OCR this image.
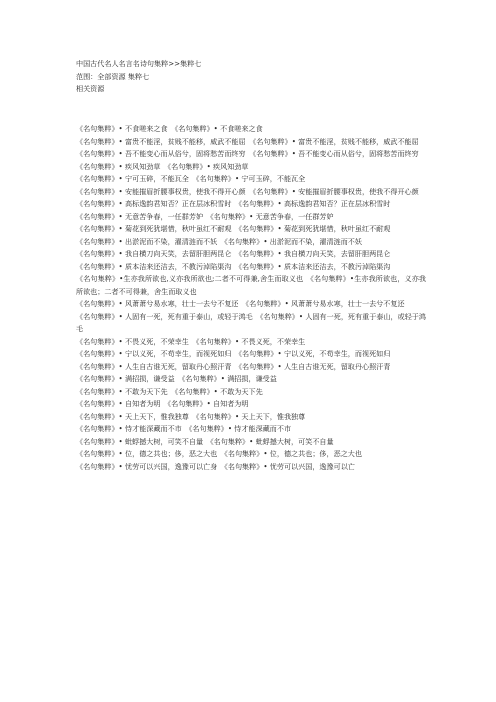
中国古代名人名言名诗句集粹>>集粹七
范围：全部资源 集粹七
相关资源

《名句集粹》• 不食嗟来之食　《名句集粹》• 不食嗟来之食

《名句集粹》• 富贵不能淫，贫贱不能移，威武不能屈　《名句集粹》• 富贵不能淫，贫贱不能移，威武不能屈

《名句集粹》• 吾不能变心而从俗兮，固将愁苦而终穷　《名句集粹》• 吾不能变心而从俗兮，固将愁苦而终穷

《名句集粹》• 疾风知劲草　《名句集粹》• 疾风知劲草

《名句集粹》• 宁可玉碎，不能瓦全　《名句集粹》• 宁可玉碎，不能瓦全

《名句集粹》• 安能摧眉折腰事权贵，使我不得开心颜　《名句集粹》• 安能摧眉折腰事权贵，使我不得开心颜

《名句集粹》• 高标逸韵君知否？正在层冰积雪时　《名句集粹》• 高标逸韵君知否？正在层冰积雪时

《名句集粹》• 无意苦争春，一任群芳妒　《名句集粹》• 无意苦争春，一任群芳妒

《名句集粹》• 菊花到死犹堪惜，秋叶虽红不耐观　《名句集粹》• 菊花到死犹堪惜，秋叶虽红不耐观

《名句集粹》• 出淤泥而不染，濯清涟而不妖　《名句集粹》• 出淤泥而不染，濯清涟而不妖

《名句集粹》• 我自横刀向天笑，去留肝胆两昆仑　《名句集粹》• 我自横刀向天笑，去留肝胆两昆仑

《名句集粹》• 质本洁来还洁去，不教污淖陷渠沟　《名句集粹》• 质本洁来还洁去，不教污淖陷渠沟

《名句集粹》•生亦我所欲也,义亦我所欲也;二者不可得兼,舍生而取义也　《名句集粹》•生亦我所欲也，义亦我所欲也；二者不可得兼，舍生而取义也

《名句集粹》• 风萧萧兮易水寒，壮士一去兮不复还　《名句集粹》• 风萧萧兮易水寒，壮士一去兮不复还

《名句集粹》• 人固有一死，死有重于泰山，或轻于鸿毛　《名句集粹》• 人固有一死，死有重于泰山，或轻于鸿毛

《名句集粹》• 不畏义死，不荣幸生　《名句集粹》• 不畏义死，不荣幸生

《名句集粹》• 宁以义死，不苟幸生，而视死如归　《名句集粹》• 宁以义死，不苟幸生，而视死如归

《名句集粹》• 人生自古谁无死，留取丹心照汗青　《名句集粹》• 人生自古谁无死，留取丹心照汗青

《名句集粹》• 满招损，谦受益　《名句集粹》• 满招损，谦受益

《名句集粹》• 不敢为天下先　《名句集粹》• 不敢为天下先

《名句集粹》• 自知者为明　《名句集粹》• 自知者为明

《名句集粹》• 天上天下，惟我独尊　《名句集粹》• 天上天下，惟我独尊

《名句集粹》• 恃才能深藏而不市　《名句集粹》• 恃才能深藏而不市

《名句集粹》• 蚍蜉撼大树，可笑不自量　《名句集粹》• 蚍蜉撼大树，可笑不自量

《名句集粹》• 位，德之共也；侈，恶之大也　《名句集粹》• 位，德之共也；侈，恶之大也

《名句集粹》• 忧劳可以兴国，逸豫可以亡身　《名句集粹》• 忧劳可以兴国，逸豫可以亡
